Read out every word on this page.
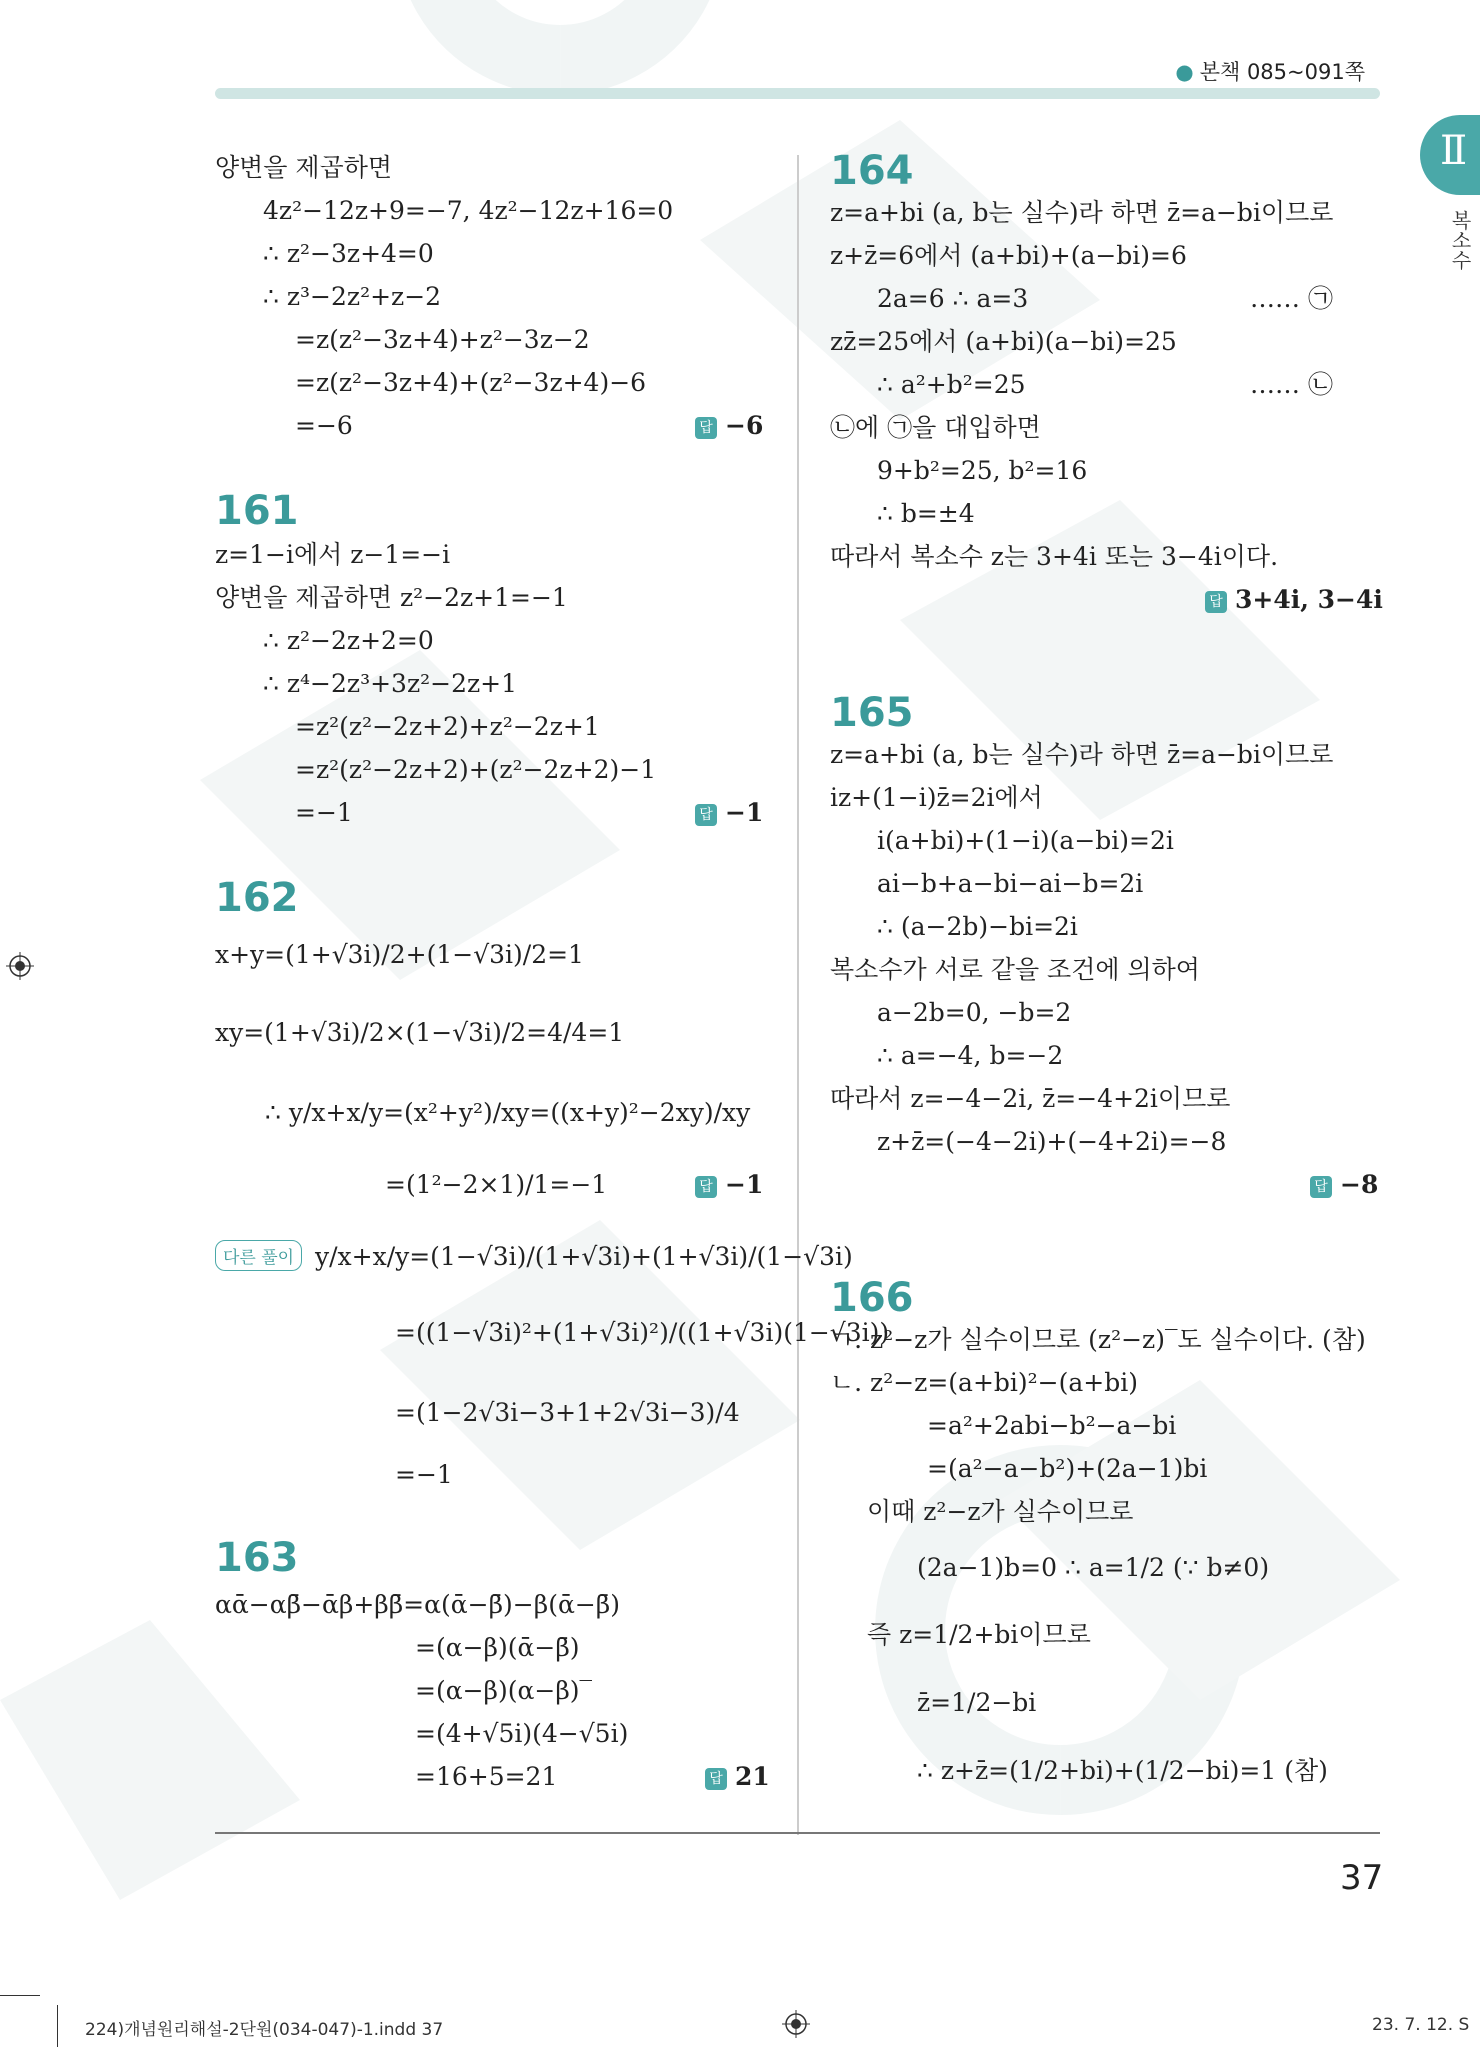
● 본책 085~091쪽
Ⅱ
복소수
양변을 제곱하면
4z²−12z+9=−7, 4z²−12z+16=0
∴ z²−3z+4=0
∴ z³−2z²+z−2
=z(z²−3z+4)+z²−3z−2
=z(z²−3z+4)+(z²−3z+4)−6
=−6	답 −6
161
z=1−i에서 z−1=−i
양변을 제곱하면 z²−2z+1=−1
∴ z²−2z+2=0
∴ z⁴−2z³+3z²−2z+1
=z²(z²−2z+2)+z²−2z+1
=z²(z²−2z+2)+(z²−2z+2)−1
=−1	답 −1
162
x+y=(1+√3i)/2+(1−√3i)/2=1
xy=(1+√3i)/2×(1−√3i)/2=4/4=1
∴ y/x+x/y=(x²+y²)/xy=((x+y)²−2xy)/xy
=(1²−2×1)/1=−1	답 −1
다른 풀이 y/x+x/y=(1−√3i)/(1+√3i)+(1+√3i)/(1−√3i)
=((1−√3i)²+(1+√3i)²)/((1+√3i)(1−√3i))
=(1−2√3i−3+1+2√3i−3)/4
=−1
163
αᾱ−αβ̄−ᾱβ+ββ̄=α(ᾱ−β̄)−β(ᾱ−β̄)
=(α−β)(ᾱ−β̄)
=(α−β)(α−β)‾
=(4+√5i)(4−√5i)
=16+5=21	답 21
164
z=a+bi (a, b는 실수)라 하면 z̄=a−bi이므로
z+z̄=6에서 (a+bi)+(a−bi)=6
2a=6 ∴ a=3	…… ㉠
zz̄=25에서 (a+bi)(a−bi)=25
∴ a²+b²=25	…… ㉡
㉡에 ㉠을 대입하면
9+b²=25, b²=16
∴ b=±4
따라서 복소수 z는 3+4i 또는 3−4i이다.
답 3+4i, 3−4i
165
z=a+bi (a, b는 실수)라 하면 z̄=a−bi이므로
iz+(1−i)z̄=2i에서
i(a+bi)+(1−i)(a−bi)=2i
ai−b+a−bi−ai−b=2i
∴ (a−2b)−bi=2i
복소수가 서로 같을 조건에 의하여
a−2b=0, −b=2
∴ a=−4, b=−2
따라서 z=−4−2i, z̄=−4+2i이므로
z+z̄=(−4−2i)+(−4+2i)=−8
답 −8
166
ㄱ. z²−z가 실수이므로 (z²−z)‾도 실수이다. (참)
ㄴ. z²−z=(a+bi)²−(a+bi)
=a²+2abi−b²−a−bi
=(a²−a−b²)+(2a−1)bi
이때 z²−z가 실수이므로
(2a−1)b=0 ∴ a=1/2 (∵ b≠0)
즉 z=1/2+bi이므로
z̄=1/2−bi
∴ z+z̄=(1/2+bi)+(1/2−bi)=1 (참)
37
224)개념원리해설-2단원(034-047)-1.indd 37	23. 7. 12. S
